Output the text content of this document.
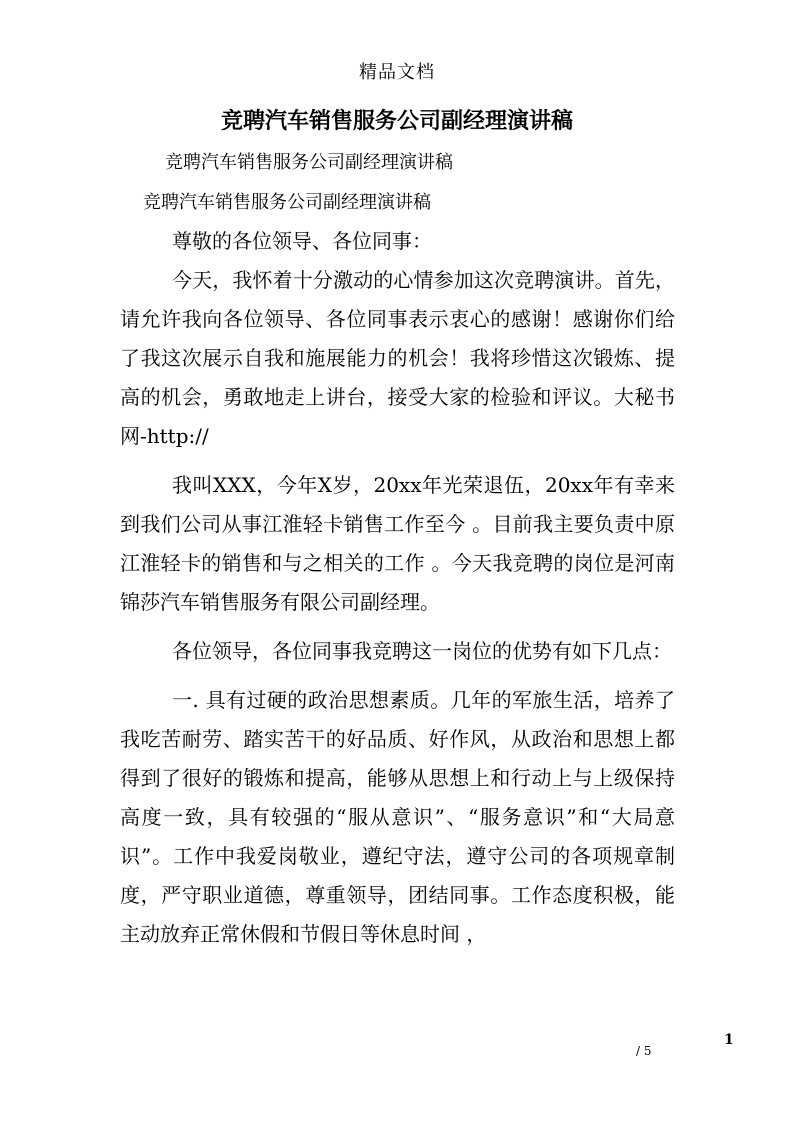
精品文档
竞聘汽车销售服务公司副经理演讲稿
竞聘汽车销售服务公司副经理演讲稿
竞聘汽车销售服务公司副经理演讲稿

尊敬的各位领导、各位同事：

今天，我怀着十分激动的心情参加这次竞聘演讲。首先，请允许我向各位领导、各位同事表示衷心的感谢！感谢你们给了我这次展示自我和施展能力的机会！我将珍惜这次锻炼、提高的机会，勇敢地走上讲台，接受大家的检验和评议。大秘书网-http://

我叫XXX，今年X岁，20xx年光荣退伍，20xx年有幸来到我们公司从事江淮轻卡销售工作至今 。目前我主要负责中原江淮轻卡的销售和与之相关的工作 。今天我竞聘的岗位是河南锦莎汽车销售服务有限公司副经理。

各位领导，各位同事我竞聘这一岗位的优势有如下几点：

一. 具有过硬的政治思想素质。几年的军旅生活，培养了我吃苦耐劳、踏实苦干的好品质、好作风，从政治和思想上都得到了很好的锻炼和提高，能够从思想上和行动上与上级保持高度一致，具有较强的“服从意识”、“服务意识”和“大局意识”。工作中我爱岗敬业，遵纪守法，遵守公司的各项规章制度，严守职业道德，尊重领导，团结同事。工作态度积极，能主动放弃正常休假和节假日等休息时间 ，

1
/ 5
